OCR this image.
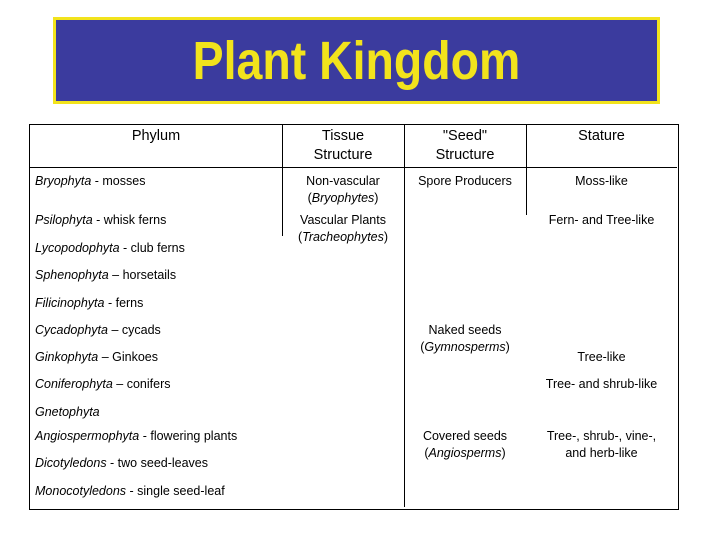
Plant Kingdom
Phylum	Tissue
Structure
"Seed"
Structure
Stature
Bryophyta - mosses
Psilophyta - whisk ferns
Lycopodophyta - club ferns
Sphenophyta – horsetails
Filicinophyta - ferns
Cycadophyta – cycads
Ginkophyta – Ginkoes
Coniferophyta – conifers
Gnetophyta
Angiospermophyta - flowering plants
Dicotyledons - two seed-leaves
Monocotyledons - single seed-leaf
Non-vascular
(Bryophytes)
Vascular Plants
(Tracheophytes)
Spore Producers
Naked seeds
(Gymnosperms)
Covered seeds
(Angiosperms)
Moss-like
Fern- and Tree-like
Tree-like
Tree- and shrub-like
Tree-, shrub-, vine-,
and herb-like
